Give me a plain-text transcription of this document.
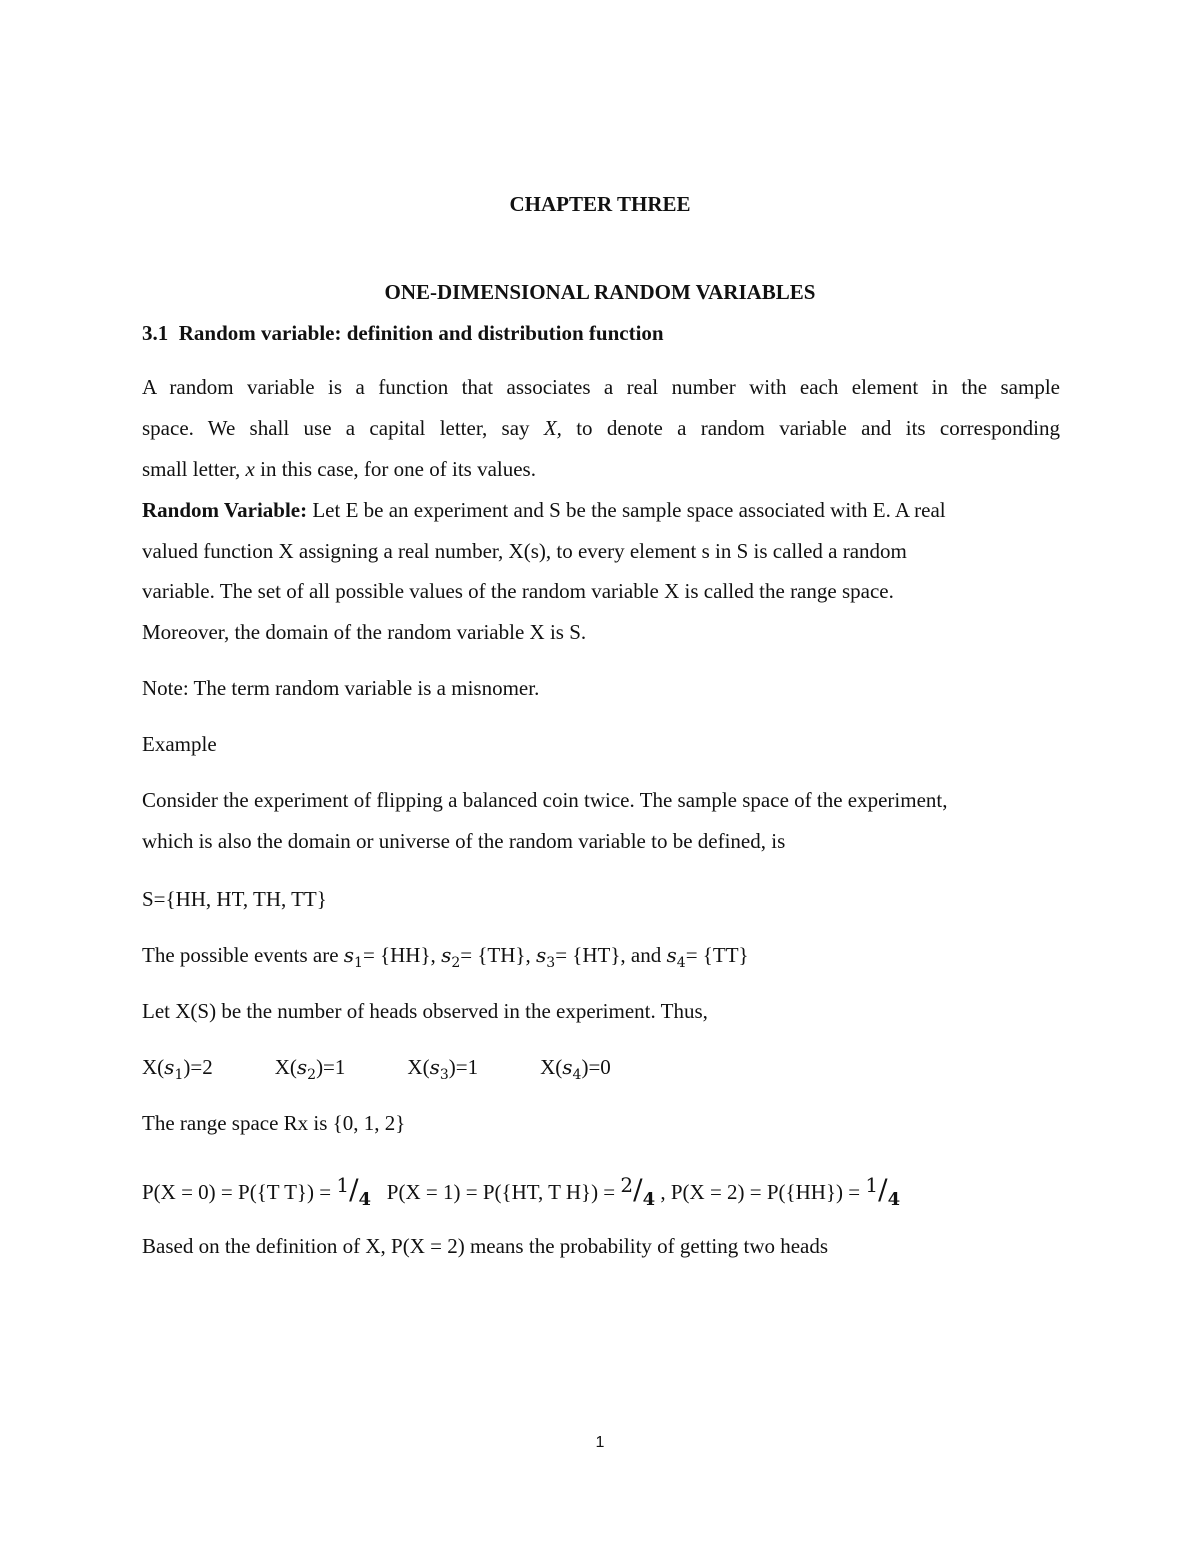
CHAPTER THREE
ONE-DIMENSIONAL RANDOM VARIABLES
3.1 Random variable: definition and distribution function
A random variable is a function that associates a real number with each element in the sample
space. We shall use a capital letter, say X, to denote a random variable and its corresponding
small letter, x in this case, for one of its values.
Random Variable: Let E be an experiment and S be the sample space associated with E. A real
valued function X assigning a real number, X(s), to every element s in S is called a random
variable. The set of all possible values of the random variable X is called the range space.
Moreover, the domain of the random variable X is S.
Note: The term random variable is a misnomer.
Example
Consider the experiment of flipping a balanced coin twice. The sample space of the experiment,
which is also the domain or universe of the random variable to be defined, is
S={HH, HT, TH, TT}
The possible events are $s_1= \{HH\}$, $s_2= \{TH\}$, $s_3= \{HT\}$, and $s_4= \{TT\}$
Let X(S) be the number of heads observed in the experiment. Thus,
$X(s_1)=2$	$X(s_2)=1$	$X(s_3)=1$	$X(s_4)=0$
The range space Rx is {0, 1, 2}
P(X = 0) = P({T $T\}) = ^1/_4$ P(X = 1) = P({HT, T $H\}) = ^2/_4$ , $P(X = 2) = P(\{HH\}) = ^1/_4$
Based on the definition of X, P(X = 2) means the probability of getting two heads
1
